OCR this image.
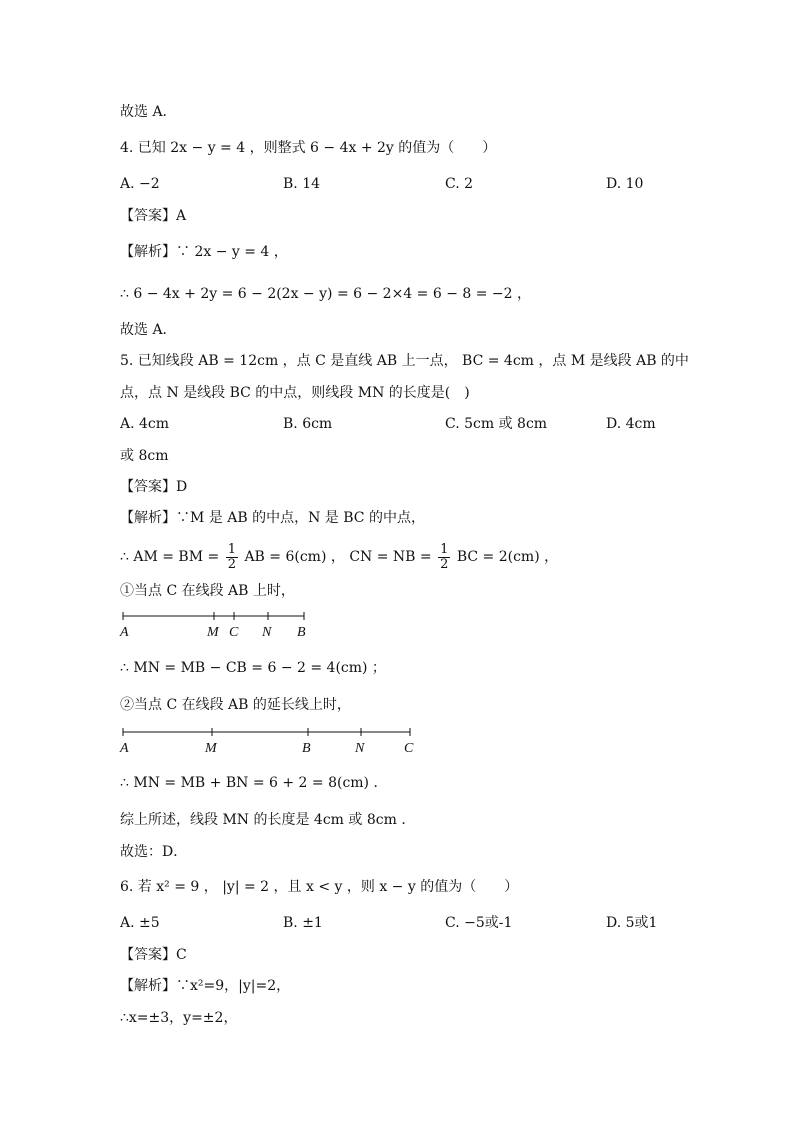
故选 A．
4. 已知 2x − y = 4 ，则整式 6 − 4x + 2y 的值为（　　）
A. −2	B. 14	C. 2	D. 10
【答案】A
【解析】∵ 2x − y = 4 ，
∴ 6 − 4x + 2y = 6 − 2(2x − y) = 6 − 2×4 = 6 − 8 = −2 ，
故选 A．
5. 已知线段 AB = 12cm ，点 C 是直线 AB 上一点， BC = 4cm ，点 M 是线段 AB 的中
点，点 N 是线段 BC 的中点，则线段 MN 的长度是(　)
A. 4cm	B. 6cm	C. 5cm 或 8cm	D. 4cm
或 8cm
【答案】D
【解析】∵M 是 AB 的中点，N 是 BC 的中点，
∴ AM = BM = $\frac{1}{2}$ AB = 6(cm) ， CN = NB = $\frac{1}{2}$ BC = 2(cm) ，
①当点 C 在线段 AB 上时，
A	M C N B
∴ MN = MB − CB = 6 − 2 = 4(cm) ；
②当点 C 在线段 AB 的延长线上时，
A	M	B	N	C
∴ MN = MB + BN = 6 + 2 = 8(cm) ．
综上所述，线段 MN 的长度是 4cm 或 8cm ．
故选：D．
6. 若 x² = 9 ， |y| = 2 ，且 x < y ，则 x − y 的值为（　　）
A. ±5	B. ±1	C. −5或-1	D. 5或1
【答案】C
【解析】∵x²=9，|y|=2，
∴x=±3，y=±2，
